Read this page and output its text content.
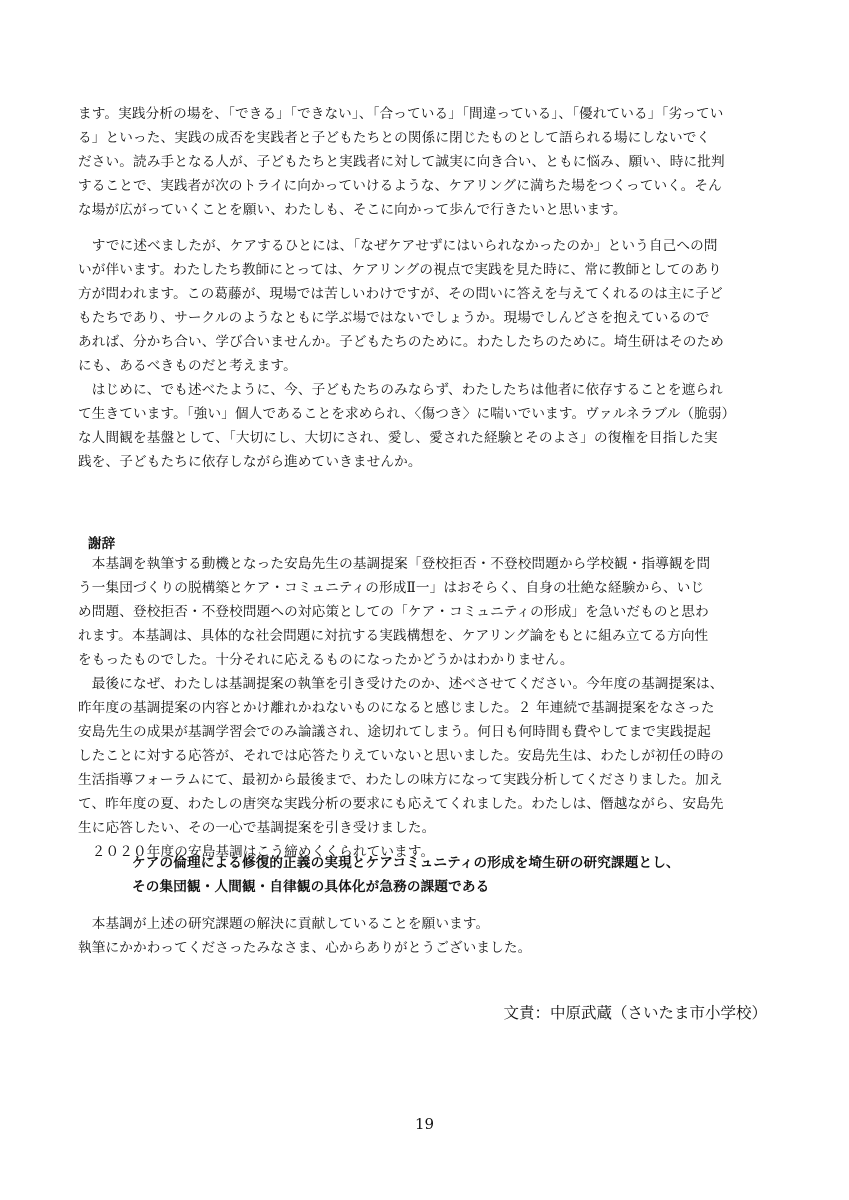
ます。実践分析の場を、「できる」「できない」、「合っている」「間違っている」、「優れている」「劣ってい
る」といった、実践の成否を実践者と子どもたちとの関係に閉じたものとして語られる場にしないでく
ださい。読み手となる人が、子どもたちと実践者に対して誠実に向き合い、ともに悩み、願い、時に批判
することで、実践者が次のトライに向かっていけるような、ケアリングに満ちた場をつくっていく。そん
な場が広がっていくことを願い、わたしも、そこに向かって歩んで行きたいと思います。
　すでに述べましたが、ケアするひとには、「なぜケアせずにはいられなかったのか」という自己への問
いが伴います。わたしたち教師にとっては、ケアリングの視点で実践を見た時に、常に教師としてのあり
方が問われます。この葛藤が、現場では苦しいわけですが、その問いに答えを与えてくれるのは主に子ど
もたちであり、サークルのようなともに学ぶ場ではないでしょうか。現場でしんどさを抱えているので
あれば、分かち合い、学び合いませんか。子どもたちのために。わたしたちのために。埼生研はそのため
にも、あるべきものだと考えます。
　はじめに、でも述べたように、今、子どもたちのみならず、わたしたちは他者に依存することを遮られ
て生きています。「強い」個人であることを求められ、〈傷つき〉に喘いでいます。ヴァルネラブル（脆弱）
な人間観を基盤として、「大切にし、大切にされ、愛し、愛された経験とそのよさ」の復権を目指した実
践を、子どもたちに依存しながら進めていきませんか。
謝辞
　本基調を執筆する動機となった安島先生の基調提案「登校拒否・不登校問題から学校観・指導観を問
う一集団づくりの脱構築とケア・コミュニティの形成Ⅱ一」はおそらく、自身の壮絶な経験から、いじ
め問題、登校拒否・不登校問題への対応策としての「ケア・コミュニティの形成」を急いだものと思わ
れます。本基調は、具体的な社会問題に対抗する実践構想を、ケアリング論をもとに組み立てる方向性
をもったものでした。十分それに応えるものになったかどうかはわかりません。
　最後になぜ、わたしは基調提案の執筆を引き受けたのか、述べさせてください。今年度の基調提案は、
昨年度の基調提案の内容とかけ離れかねないものになると感じました。２ 年連続で基調提案をなさった
安島先生の成果が基調学習会でのみ論議され、途切れてしまう。何日も何時間も費やしてまで実践提起
したことに対する応答が、それでは応答たりえていないと思いました。安島先生は、わたしが初任の時の
生活指導フォーラムにて、最初から最後まで、わたしの味方になって実践分析してくださりました。加え
て、昨年度の夏、わたしの唐突な実践分析の要求にも応えてくれました。わたしは、僭越ながら、安島先
生に応答したい、その一心で基調提案を引き受けました。
　２０２０年度の安島基調はこう締めくくられています。
ケアの倫理による修復的正義の実現とケアコミュニティの形成を埼生研の研究課題とし、
その集団観・人間観・自律観の具体化が急務の課題である
　本基調が上述の研究課題の解決に貢献していることを願います。
執筆にかかわってくださったみなさま、心からありがとうございました。
文責：中原武蔵（さいたま市小学校）
19
